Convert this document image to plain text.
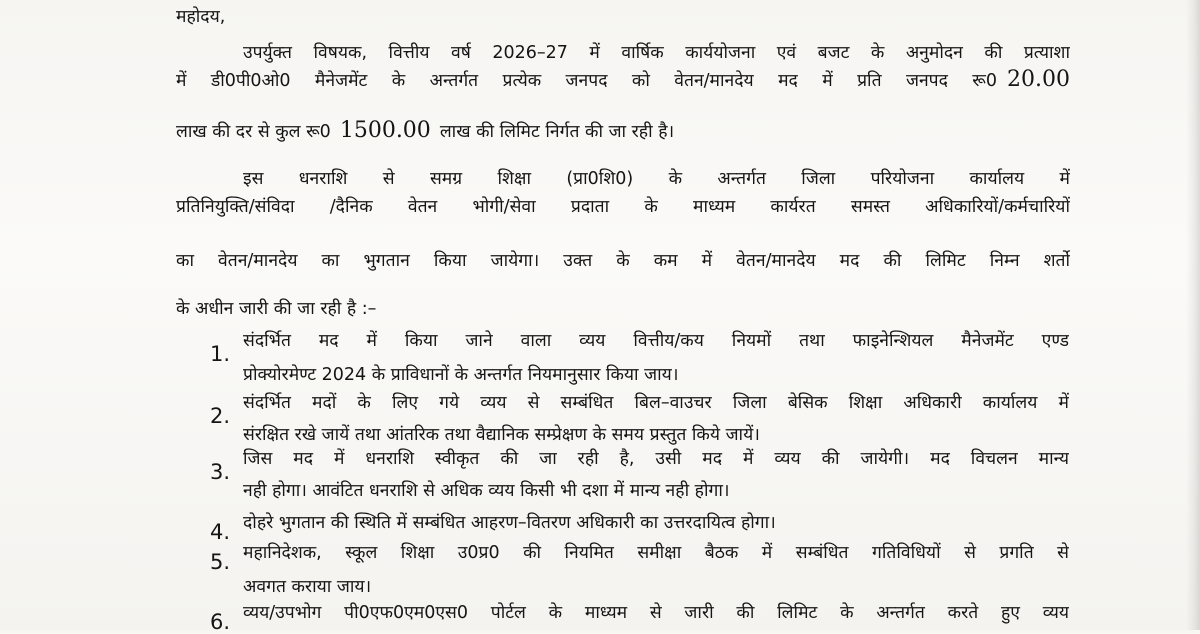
महोदय,
उपर्युक्त विषयक, वित्तीय वर्ष 2026–27 में वार्षिक कार्ययोजना एवं बजट के अनुमोदन की प्रत्याशा
में डी0पी0ओ0 मैनेजमेंट के अन्तर्गत प्रत्येक जनपद को वेतन/मानदेय मद में प्रति जनपद रू0 20.00
लाख की दर से कुल रू0 1500.00 लाख की लिमिट निर्गत की जा रही है।
इस धनराशि से समग्र शिक्षा (प्रा0शि0) के अन्तर्गत जिला परियोजना कार्यालय में
प्रतिनियुक्ति/संविदा /दैनिक वेतन भोगी/सेवा प्रदाता के माध्यम कार्यरत समस्त अधिकारियों/कर्मचारियों
का वेतन/मानदेय का भुगतान किया जायेगा। उक्त के कम में वेतन/मानदेय मद की लिमिट निम्न शर्तो
के अधीन जारी की जा रही है :–
1.
संदर्भित मद में किया जाने वाला व्यय वित्तीय/कय नियमों तथा फाइनेन्शियल मैनेजमेंट एण्ड
प्रोक्योरमेण्ट 2024 के प्राविधानों के अन्तर्गत नियमानुसार किया जाय।
2.
संदर्भित मदों के लिए गये व्यय से सम्बंधित बिल–वाउचर जिला बेसिक शिक्षा अधिकारी कार्यालय में
संरक्षित रखे जायें तथा आंतरिक तथा वैद्यानिक सम्प्रेक्षण के समय प्रस्तुत किये जायें।
3.
जिस मद में धनराशि स्वीकृत की जा रही है, उसी मद में व्यय की जायेगी। मद विचलन मान्य
नही होगा। आवंटित धनराशि से अधिक व्यय किसी भी दशा में मान्य नही होगा।
4. दोहरे भुगतान की स्थिति में सम्बंधित आहरण–वितरण अधिकारी का उत्तरदायित्व होगा।
5. महानिदेशक, स्कूल शिक्षा उ0प्र0 की नियमित समीक्षा बैठक में सम्बंधित गतिविधियों से प्रगति से
अवगत कराया जाय।
6. व्यय/उपभोग पी0एफ0एम0एस0 पोर्टल के माध्यम से जारी की लिमिट के अन्तर्गत करते हुए व्यय
